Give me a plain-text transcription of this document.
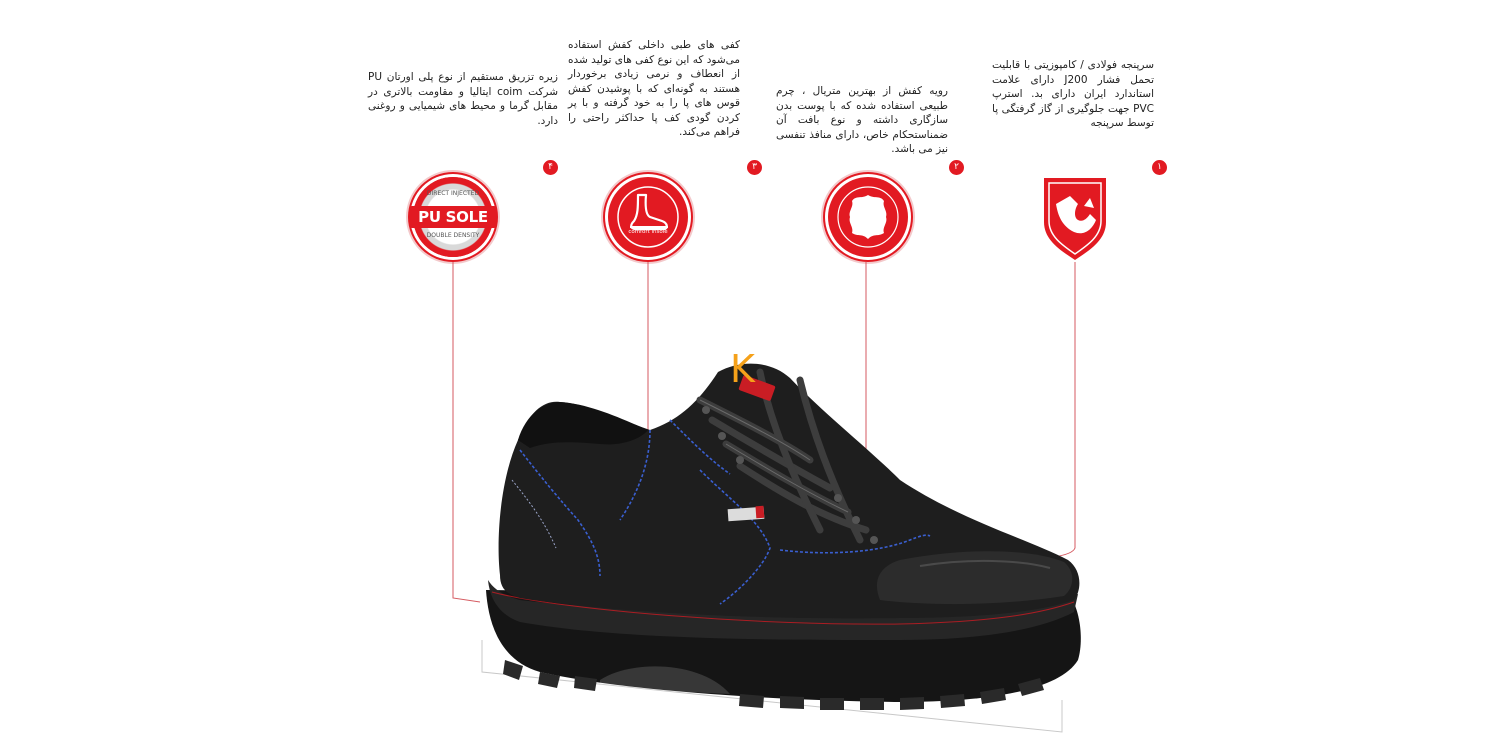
زیره تزریق مستقیم از نوع پلی اورتان PU شرکت coim ایتالیا و مقاومت بالاتری در مقابل گرما و محیط های شیمیایی و روغنی دارد.
کفی های طبی داخلی کفش استفاده می‌شود که این نوع کفی های تولید شده از انعطاف و نرمی زیادی برخوردار هستند به گونه‌ای که با پوشیدن کفش قوس های پا را به خود گرفته و با پر کردن گودی کف پا حداکثر راحتی را فراهم می‌کند.
رویه کفش از بهترین متریال ، چرم طبیعی استفاده شده که با پوست بدن سازگاری داشته و نوع بافت آن ضمناستحکام خاص، دارای منافذ تنفسی نیز می باشد.
سرپنجه فولادی / کامپوزیتی با قابلیت تحمل فشار J200 دارای علامت استاندارد ایران دارای بد. استرپ PVC جهت جلوگیری از گاز گرفتگی پا توسط سرپنجه
۴	۳	۲	۱
DIRECT INJECTED
PU SOLE
DOUBLE DENSITY	comfort insole
K
